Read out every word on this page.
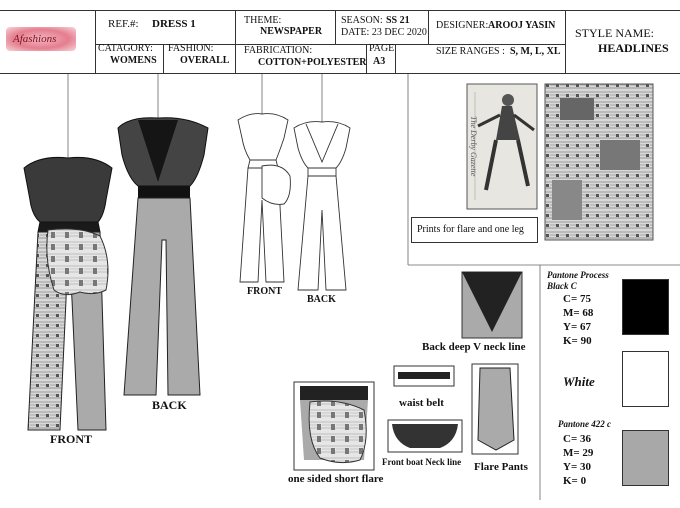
Afashions
REF.#: DRESS 1	THEME:
NEWSPAPER
SEASON: SS 21
DATE: 23 DEC 2020
DESIGNER: AROOJ YASIN
STYLE NAME:
HEADLINES
CATAGORY:
WOMENS
FASHION:
OVERALL
FABRICATION:
COTTON+POLYESTER
PAGE
A3
SIZE RANGES : S, M, L, XL
FRONT
BACK
FRONT
BACK
Prints for flare and one leg
The Derby Gazette
Back deep V neck line
waist belt
Front boat Neck line Flare Pants
one sided short flare
Pantone Process Black C
C= 75
M= 68
Y= 67
K= 90
White
Pantone 422 c
C= 36
M= 29
Y= 30
K= 0
